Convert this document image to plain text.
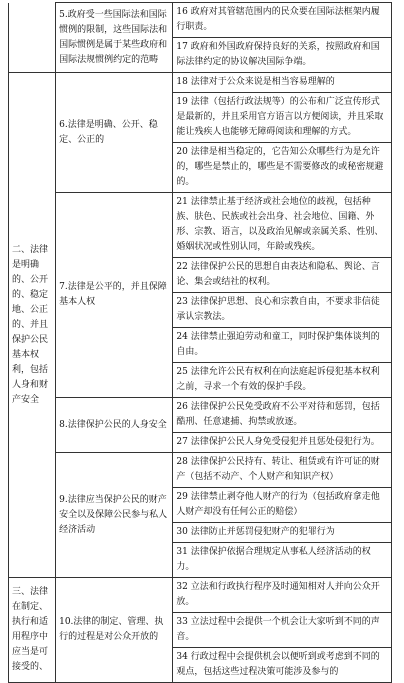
	5.政府受一些国际法和国际惯例的限制，这些国际法和国际惯例是属于某些政府和国际法规惯例约定的范畴	16 政府对其管辖范围内的民众要在国际法框架内履行职责。
		17 政府和外国政府保持良好的关系，按照政府和国际法律约定的协议解决国际争端。
二、法律是明确的、公开的、稳定地、公正的、并且保护公民基本权利，包括人身和财产安全	6.法律是明确、公开、稳定、公正的	18 法律对于公众来说是相当容易理解的
		19 法律（包括行政法规等）的公布和广泛宣传形式是最新的，并且采用官方语言以方便阅读，并且采取能让残疾人也能够无障碍阅读和理解的方式。
		20 法律是相当稳定的，它告知公众哪些行为是允许的，哪些是禁止的，哪些是不需要修改的或秘密规避的。
	7.法律是公平的，并且保障基本人权	21 法律禁止基于经济或社会地位的歧视，包括种族、肤色、民族或社会出身、社会地位、国籍、外形、宗教、语言，以及政治见解或亲属关系、性别、婚姻状况或性别认同，年龄或残疾。
		22 法律保护公民的思想自由表达和隐私、舆论、言论、集会或结社的权利。
		23 法律保护思想、良心和宗教自由，不要求非信徒承认宗教法。
		24 法律禁止强迫劳动和童工，同时保护集体谈判的自由。
		25 法律允许公民有权利在向法庭起诉侵犯基本权利之前，寻求一个有效的保护手段。
	8.法律保护公民的人身安全	26 法律保护公民免受政府不公平对待和惩罚，包括酷刑、任意逮捕、拘禁或放逐。
		27 法律保护公民人身免受侵犯并且惩处侵犯行为。
	9.法律应当保护公民的财产安全以及保障公民参与私人经济活动	28 法律保护公民持有、转让、租赁或有许可证的财产（包括不动产、个人财产和知识产权）
		29 法律禁止剥夺他人财产的行为（包括政府拿走他人财产却没有任何公正的赔偿）
		30 法律防止并惩罚侵犯财产的犯罪行为
		31 法律保护依据合理规定从事私人经济活动的权力。
三、法律在制定、执行和适用程序中应当是可接受的、	10.法律的制定、管理、执行的过程是对公众开放的	32 立法和行政执行程序及时通知相对人并向公众开放。
		33 立法过程中会提供一个机会让大家听到不同的声音。
		34 行政过程中会提供机会以便听到或考虑到不同的观点，包括这些过程决策可能涉及参与的
